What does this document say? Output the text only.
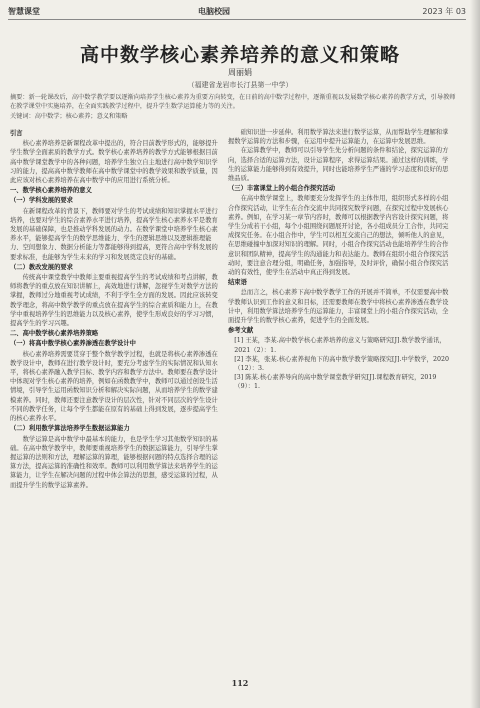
智慧课堂	电脑校园	2023 年 03
高中数学核心素养培养的意义和策略
周丽娟
（福建省龙岩市长汀县第一中学）
摘要：新一轮课改后，高中数学教学要以逐渐向培养学生核心素养为重要方向转变，在日前的高中数学过程中，逐渐重视以发展数学核心素养的教学方式，引导教师在教学课堂中实施培养，在全面实践教学过程中，提升学生数学运算能力等的关注。
关键词：高中数学；核心素养；意义和策略

引言

核心素养培养是新课程改革中提出的，符合目前教学形式的，能够提升学生数学全面素质的教学方式。数学核心素养培养的教学方式能够根据目前高中数学课堂教学中的各种问题，培养学生独立自主地进行高中数学知识学习的能力，提高高中数学教师在高中数学课堂中的教学效果和教学质量，因此应该对核心素养培养在高中数学中的应用进行系统分析。

一、数学核心素养培养的意义

（一）学科发展的要求

在新课程改革的背景下，教师要对学生的考试成绩和知识掌握水平进行培养，也要对学生的综合素养水平进行培养，提高学生核心素养水平是教育发展的基础保障，也是推动学科发展的动力。在数学课堂中培养学生核心素养水平，能够提高学生的数学思维能力、学生的逻辑思维以及逻辑推理能力、空间想象力、数据分析能力等都能够得到提高，更符合高中学科发展的要求标准，也能够为学生未来的学习和发展奠定良好的基础。

（二）教改发展的要求

传统高中课堂教学中教师主要重视提高学生的考试成绩和考点讲解，教师将教学的重点放在知识讲解上，高效地进行讲解，忽视学生对数学方法的掌握，教师过分地重视考试成绩，不利于学生全方面的发展。因此应该转变教学理念，将高中数学教学的重点放在提高学生的综合素质和能力上，在教学中重视培养学生的思维能力以及核心素养，使学生形成良好的学习习惯，提高学生的学习兴趣。

二、高中数学核心素养培养策略

（一）将高中数学核心素养渗透在教学设计中

核心素养培养需要贯穿于整个数学教学过程，也就是将核心素养渗透在教学设计中，教师在进行教学设计时，要充分考虑学生的实际情况和认知水平，将核心素养融入教学目标、教学内容和教学方法中。教师要在教学设计中体现对学生核心素养的培养，例如在函数教学中，教师可以通过创设生活情境，引导学生运用函数知识分析和解决实际问题，从而培养学生的数学建模素养。同时，教师还要注意教学设计的层次性，针对不同层次的学生设计不同的教学任务，让每个学生都能在原有的基础上得到发展，逐步提高学生的核心素养水平。

（二）利用数学算法培养学生数据运算能力

数学运算是高中数学中最基本的能力，也是学生学习其他数学知识的基础。在高中数学教学中，教师要重视培养学生的数据运算能力，引导学生掌握运算的法则和方法，理解运算的算理，能够根据问题的特点选择合理的运算方法，提高运算的准确性和效率。教师可以利用数学算法来培养学生的运算能力，让学生在解决问题的过程中体会算法的思想，感受运算的过程，从而提升学生的数学运算素养。

础知识进一步延伸。利用数学算法来进行数学运算，从而帮助学生理解和掌握数学运算的方法和步骤，在运用中提升运算能力，在运算中发展思维。

在运算教学中，教师可以引导学生先分析问题的条件和结论，探究运算的方向，选择合适的运算方法，设计运算程序，求得运算结果。通过这样的训练，学生的运算能力能够得到有效提升，同时也能培养学生严谨的学习态度和良好的思维品质。

（三）丰富课堂上的小组合作探究活动

在高中数学课堂上，教师要充分发挥学生的主体作用，组织形式多样的小组合作探究活动，让学生在合作交流中共同探究数学问题，在探究过程中发展核心素养。例如，在学习某一章节内容时，教师可以根据教学内容设计探究问题，将学生分成若干小组，每个小组围绕问题展开讨论，各小组成员分工合作，共同完成探究任务。在小组合作中，学生可以相互交流自己的想法，倾听他人的意见，在思维碰撞中加深对知识的理解。同时，小组合作探究活动也能培养学生的合作意识和团队精神，提高学生的沟通能力和表达能力。教师在组织小组合作探究活动时，要注意合理分组，明确任务，加强指导，及时评价，确保小组合作探究活动的有效性，使学生在活动中真正得到发展。

结束语

总而言之，核心素养下高中数学教学工作的开展并不简单，不仅需要高中数学教师认识到工作的意义和目标，还需要教师在教学中将核心素养渗透在教学设计中，利用数学算法培养学生的运算能力，丰富课堂上的小组合作探究活动，全面提升学生的数学核心素养，促进学生的全面发展。

参考文献

[1] 王某，李某.高中数学核心素养培养的意义与策略研究[J].数学教学通讯，2021（2）：1.

[2] 李某，张某.核心素养视角下的高中数学教学策略探究[J].中学数学，2020（12）：3.

[3] 陈某.核心素养导向的高中数学课堂教学研究[J].课程教育研究，2019（9）：1.

112
